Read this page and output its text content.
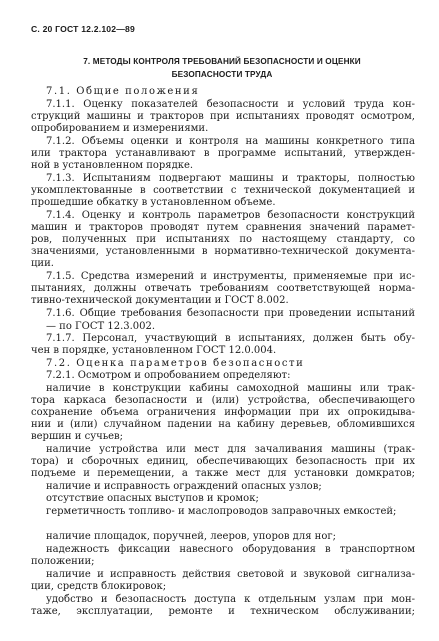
С. 20 ГОСТ 12.2.102—89
7. МЕТОДЫ КОНТРОЛЯ ТРЕБОВАНИЙ БЕЗОПАСНОСТИ И ОЦЕНКИ
БЕЗОПАСНОСТИ ТРУДА
7.1. Общие положения
7.1.1. Оценку показателей безопасности и условий труда кон-
струкций машины и тракторов при испытаниях проводят осмотром,
опробированием и измерениями.
7.1.2. Объемы оценки и контроля на машины конкретного типа
или трактора устанавливают в программе испытаний, утвержден-
ной в установленном порядке.
7.1.3. Испытаниям подвергают машины и тракторы, полностью
укомплектованные в соответствии с технической документацией и
прошедшие обкатку в установленном объеме.
7.1.4. Оценку и контроль параметров безопасности конструкций
машин и тракторов проводят путем сравнения значений парамет-
ров, полученных при испытаниях по настоящему стандарту, со
значениями, установленными в нормативно-технической документа-
ции.
7.1.5. Средства измерений и инструменты, применяемые при ис-
пытаниях, должны отвечать требованиям соответствующей норма-
тивно-технической документации и ГОСТ 8.002.
7.1.6. Общие требования безопасности при проведении испытаний — по ГОСТ 12.3.002.
7.1.7. Персонал, участвующий в испытаниях, должен быть обу-
чен в порядке, установленном ГОСТ 12.0.004.
7.2. Оценка параметров безопасности
7.2.1. Осмотром и опробованием определяют:
наличие в конструкции кабины самоходной машины или трак-
тора каркаса безопасности и (или) устройства, обеспечивающего
сохранение объема ограничения информации при их опрокидыва-
нии и (или) случайном падении на кабину деревьев, обломившихся
вершин и сучьев;
наличие устройства или мест для зачаливания машины (трак-
тора) и сборочных единиц, обеспечивающих безопасность при их
подъеме и перемещении, а также мест для установки домкратов;
наличие и исправность ограждений опасных узлов;
отсутствие опасных выступов и кромок;
герметичность топливо- и маслопроводов заправочных емкостей;
наличие площадок, поручней, лееров, упоров для ног;
надежность фиксации навесного оборудования в транспортном
положении;
наличие и исправность действия световой и звуковой сигнализа-
ции, средств блокировок;
удобство и безопасность доступа к отдельным узлам при мон-
таже, эксплуатации, ремонте и техническом обслуживании;
